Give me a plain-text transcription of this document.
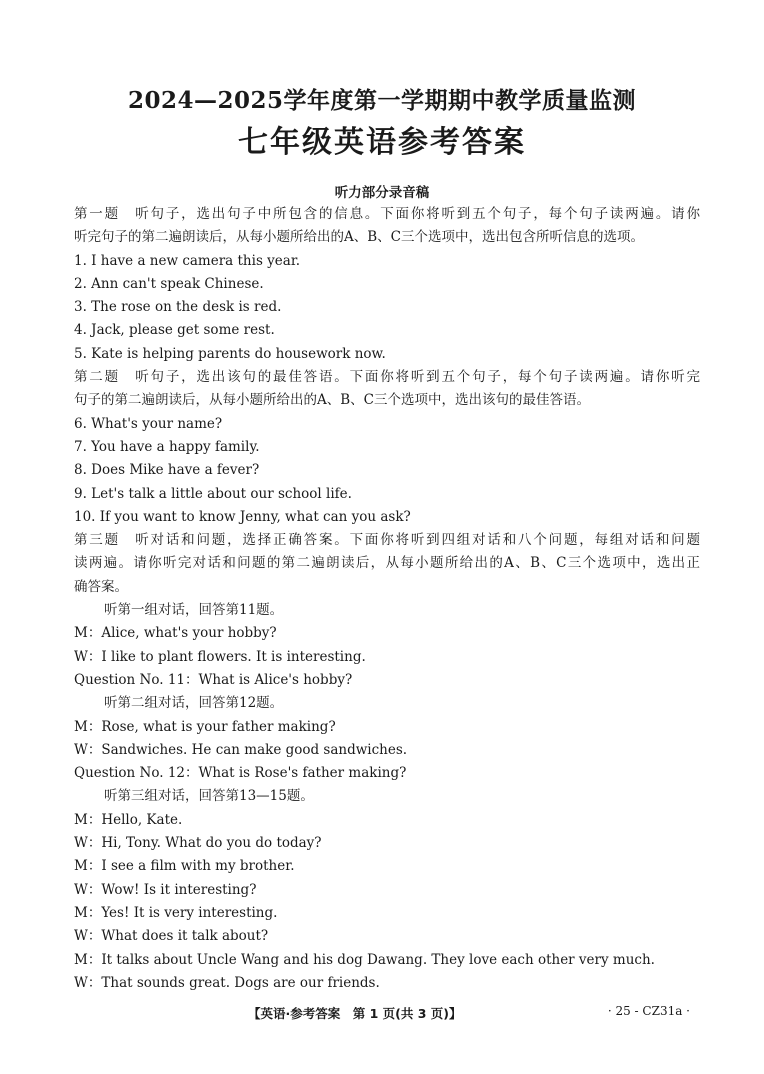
2024—2025学年度第一学期期中教学质量监测
七年级英语参考答案
听力部分录音稿
第一题　听句子，选出句子中所包含的信息。下面你将听到五个句子，每个句子读两遍。请你
听完句子的第二遍朗读后，从每小题所给出的A、B、C三个选项中，选出包含所听信息的选项。
1. I have a new camera this year.
2. Ann can't speak Chinese.
3. The rose on the desk is red.
4. Jack, please get some rest.
5. Kate is helping parents do housework now.
第二题　听句子，选出该句的最佳答语。下面你将听到五个句子，每个句子读两遍。请你听完
句子的第二遍朗读后，从每小题所给出的A、B、C三个选项中，选出该句的最佳答语。
6. What's your name?
7. You have a happy family.
8. Does Mike have a fever?
9. Let's talk a little about our school life.
10. If you want to know Jenny, what can you ask?
第三题　听对话和问题，选择正确答案。下面你将听到四组对话和八个问题，每组对话和问题
读两遍。请你听完对话和问题的第二遍朗读后，从每小题所给出的A、B、C三个选项中，选出正
确答案。
听第一组对话，回答第11题。
M：Alice, what's your hobby?
W：I like to plant flowers. It is interesting.
Question No. 11：What is Alice's hobby?
听第二组对话，回答第12题。
M：Rose, what is your father making?
W：Sandwiches. He can make good sandwiches.
Question No. 12：What is Rose's father making?
听第三组对话，回答第13—15题。
M：Hello, Kate.
W：Hi, Tony. What do you do today?
M：I see a film with my brother.
W：Wow! Is it interesting?
M：Yes! It is very interesting.
W：What does it talk about?
M：It talks about Uncle Wang and his dog Dawang. They love each other very much.
W：That sounds great. Dogs are our friends.
【英语·参考答案　第 1 页(共 3 页)】	· 25 - CZ31a ·
